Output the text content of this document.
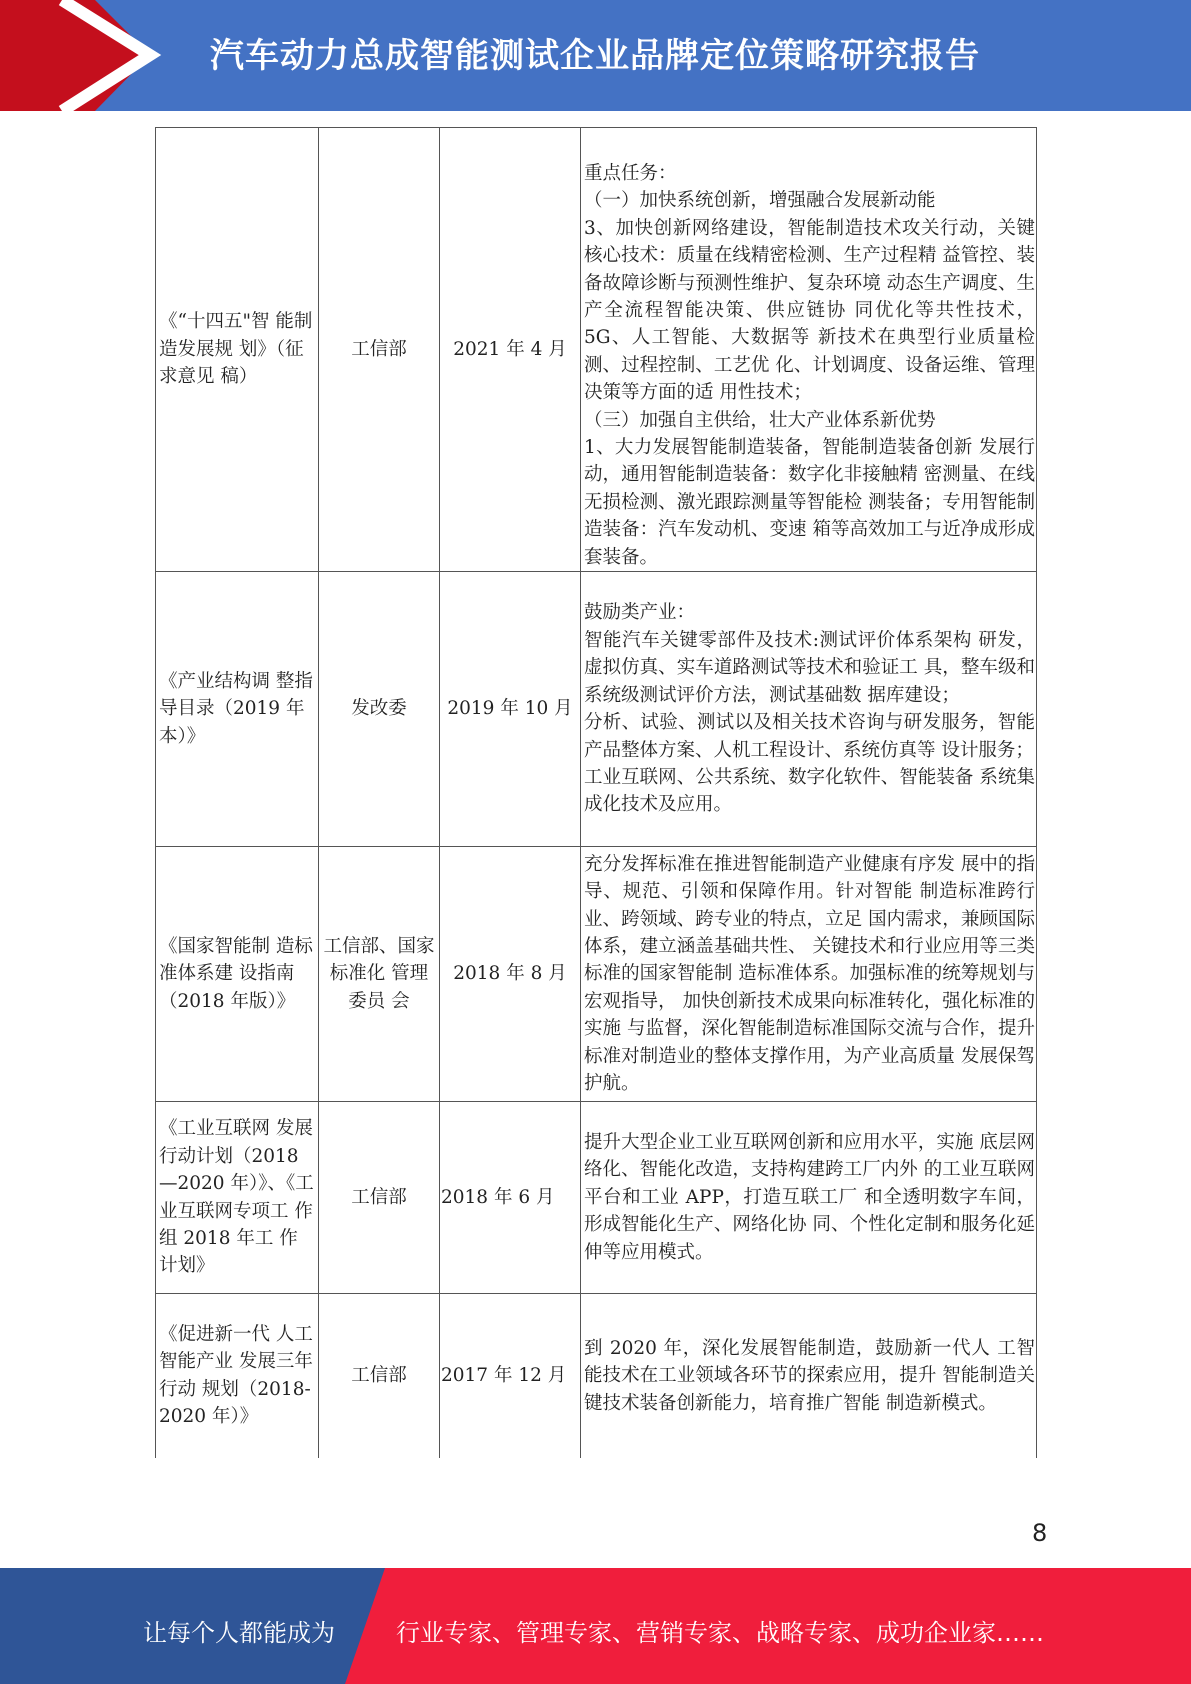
汽车动力总成智能测试企业品牌定位策略研究报告
《“十四五"智 能制造发展规 划》（征求意见 稿）	工信部	2021 年 4 月	重点任务：
（一）加快系统创新，增强融合发展新动能
3、加快创新网络建设，智能制造技术攻关行动，关键核心技术：质量在线精密检测、生产过程精 益管控、装备故障诊断与预测性维护、复杂环境 动态生产调度、生产全流程智能决策、供应链协 同优化等共性技术，5G、人工智能、大数据等 新技术在典型行业质量检测、过程控制、工艺优 化、计划调度、设备运维、管理决策等方面的适 用性技术；
（三）加强自主供给，壮大产业体系新优势
1、大力发展智能制造装备，智能制造装备创新 发展行动，通用智能制造装备：数字化非接触精 密测量、在线无损检测、激光跟踪测量等智能检 测装备；专用智能制造装备：汽车发动机、变速 箱等高效加工与近净成形成套装备。

《产业结构调 整指导目录（2019 年本）》	发改委	2019 年 10 月	鼓励类产业：
智能汽车关键零部件及技术:测试评价体系架构 研发，虚拟仿真、实车道路测试等技术和验证工 具，整车级和系统级测试评价方法，测试基础数 据库建设；
分析、试验、测试以及相关技术咨询与研发服务，智能产品整体方案、人机工程设计、系统仿真等 设计服务；
工业互联网、公共系统、数字化软件、智能装备 系统集成化技术及应用。

《国家智能制 造标准体系建 设指南（2018 年版）》	工信部、国家标准化 管理委员 会	2018 年 8 月	充分发挥标准在推进智能制造产业健康有序发 展中的指导、规范、引领和保障作用。针对智能 制造标准跨行业、跨领域、跨专业的特点，立足 国内需求，兼顾国际体系，建立涵盖基础共性、 关键技术和行业应用等三类标准的国家智能制 造标准体系。加强标准的统筹规划与宏观指导， 加快创新技术成果向标准转化，强化标准的实施 与监督，深化智能制造标准国际交流与合作，提升标准对制造业的整体支撑作用，为产业高质量 发展保驾护航。

《工业互联网 发展行动计划（2018—2020 年）》、《工业互联网专项工 作组 2018 年工 作计划》	工信部	2018 年 6 月	提升大型企业工业互联网创新和应用水平，实施 底层网络化、智能化改造，支持构建跨工厂内外 的工业互联网平台和工业 APP，打造互联工厂 和全透明数字车间，形成智能化生产、网络化协 同、个性化定制和服务化延伸等应用模式。

《促进新一代 人工智能产业 发展三年行动 规划（2018-2020 年）》	工信部	2017 年 12 月	到 2020 年，深化发展智能制造，鼓励新一代人 工智能技术在工业领域各环节的探索应用，提升 智能制造关键技术装备创新能力，培育推广智能 制造新模式。
8
让每个人都能成为	行业专家、管理专家、营销专家、战略专家、成功企业家……
